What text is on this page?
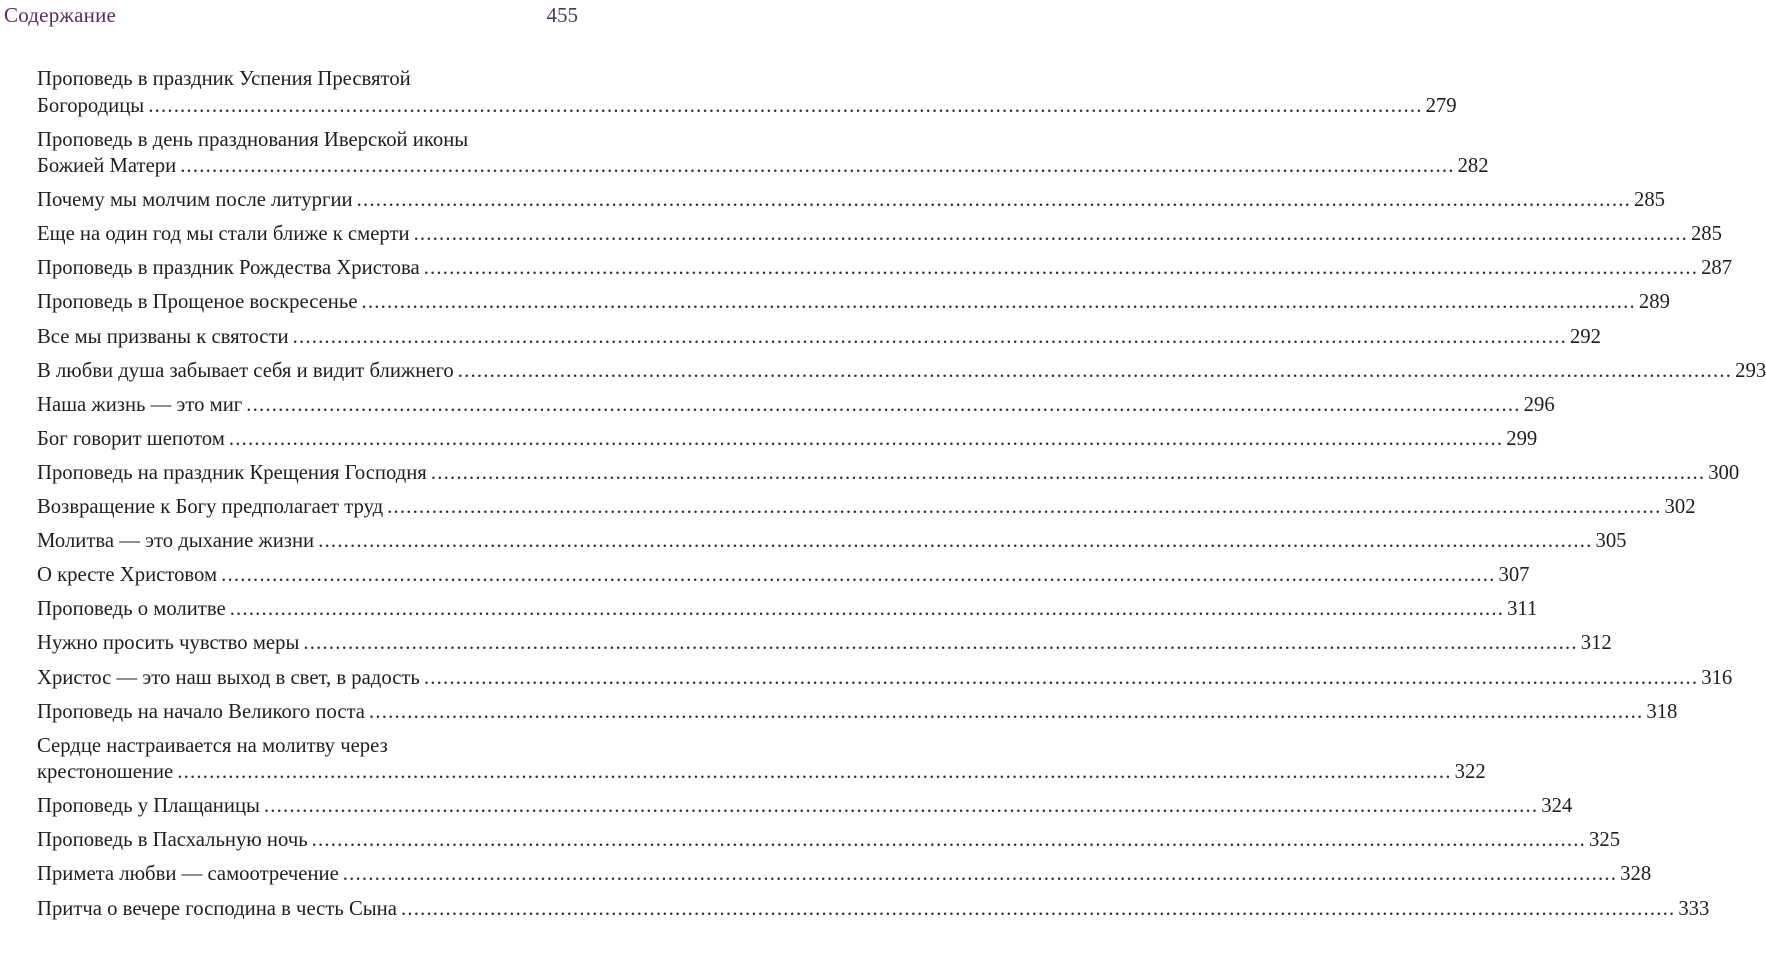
Содержание	455
Проповедь в праздник Успения Пресвятой
Богородицы ........................................................................................................................................................................................................ 279
Проповедь в день празднования Иверской иконы
Божией Матери ........................................................................................................................................................................................................ 282
Почему мы молчим после литургии ........................................................................................................................................................................................................ 285
Еще на один год мы стали ближе к смерти ........................................................................................................................................................................................................ 285
Проповедь в праздник Рождества Христова ........................................................................................................................................................................................................ 287
Проповедь в Прощеное воскресенье ........................................................................................................................................................................................................ 289
Все мы призваны к святости ........................................................................................................................................................................................................ 292
В любви душа забывает себя и видит ближнего ........................................................................................................................................................................................................ 293
Наша жизнь — это миг ........................................................................................................................................................................................................ 296
Бог говорит шепотом ........................................................................................................................................................................................................ 299
Проповедь на праздник Крещения Господня ........................................................................................................................................................................................................ 300
Возвращение к Богу предполагает труд ........................................................................................................................................................................................................ 302
Молитва — это дыхание жизни ........................................................................................................................................................................................................ 305
О кресте Христовом ........................................................................................................................................................................................................ 307
Проповедь о молитве ........................................................................................................................................................................................................ 311
Нужно просить чувство меры ........................................................................................................................................................................................................ 312
Христос — это наш выход в свет, в радость ........................................................................................................................................................................................................ 316
Проповедь на начало Великого поста ........................................................................................................................................................................................................ 318
Сердце настраивается на молитву через
крестоношение ........................................................................................................................................................................................................ 322
Проповедь у Плащаницы ........................................................................................................................................................................................................ 324
Проповедь в Пасхальную ночь ........................................................................................................................................................................................................ 325
Примета любви — самоотречение ........................................................................................................................................................................................................ 328
Притча о вечере господина в честь Сына ........................................................................................................................................................................................................ 333
